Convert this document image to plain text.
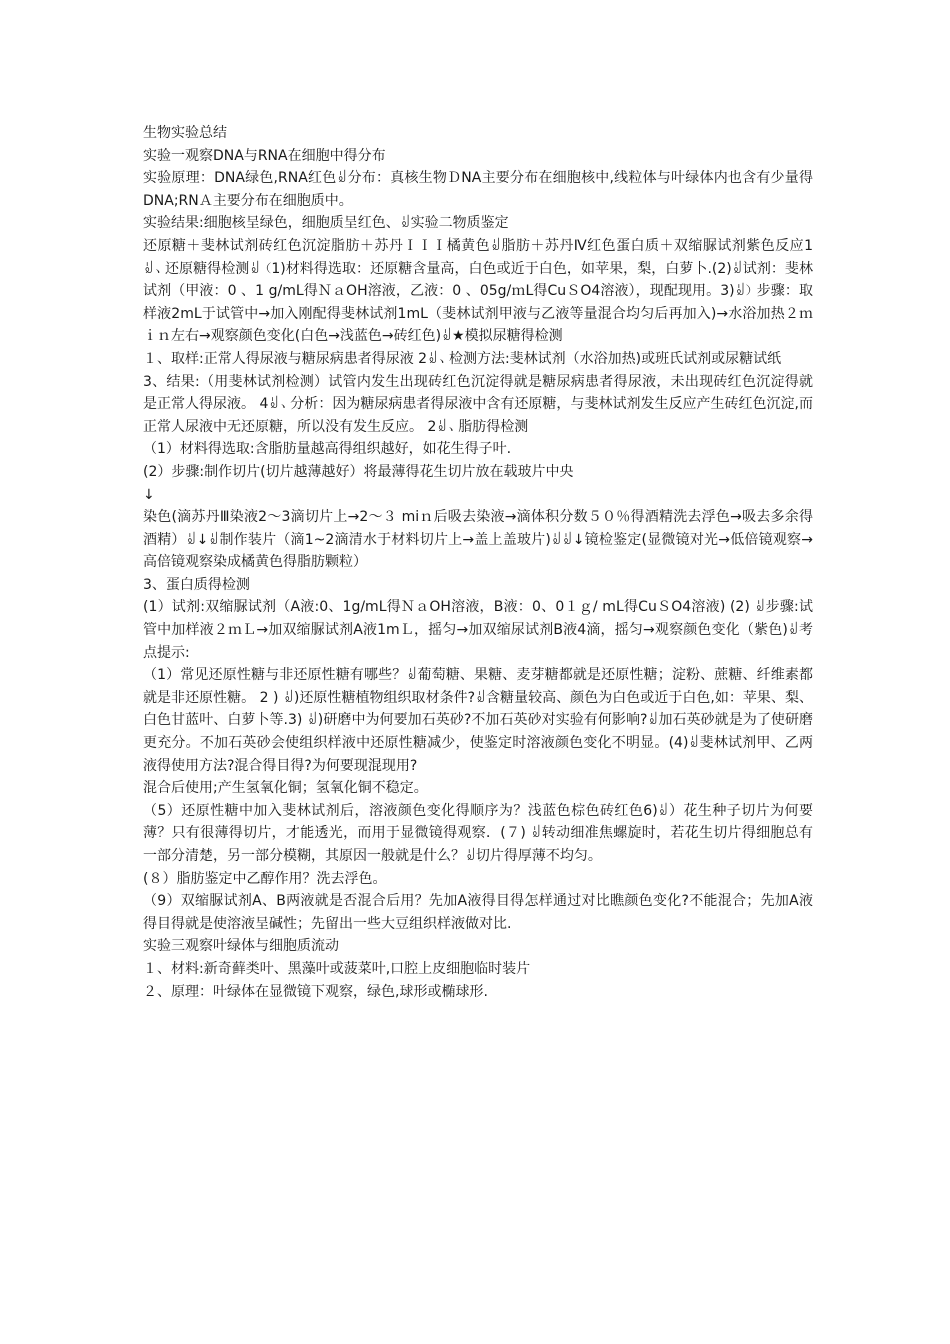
生物实验总结

实验一观察DNA与RNA在细胞中得分布

实验原理：DNA绿色,RNA红色ꆽ分布：真核生物ＤNA主要分布在细胞核中,线粒体与叶绿体内也含有少量得DNA;RNＡ主要分布在细胞质中。

实验结果:细胞核呈绿色，细胞质呈红色、ꆽ实验二物质鉴定

还原糖＋斐林试剂砖红色沉淀脂肪＋苏丹ＩＩＩ橘黄色ꆽ脂肪＋苏丹Ⅳ红色蛋白质＋双缩脲试剂紫色反应1ꆽ、还原糖得检测ꆽ（1)材料得选取：还原糖含量高，白色或近于白色，如苹果，梨，白萝卜.(2)ꆽ试剂：斐林试剂（甲液：0 、1 g/mL得ＮａOH溶液，乙液：0 、05g/ｍL得CuＳO4溶液），现配现用。3)ꆽ）步骤：取样液2mL于试管中→加入刚配得斐林试剂1mL（斐林试剂甲液与乙液等量混合均匀后再加入)→水浴加热２ｍｉｎ左右→观察颜色变化(白色→浅蓝色→砖红色)ꆽ★模拟尿糖得检测

１、取样:正常人得尿液与糖尿病患者得尿液 2ꆽ、检测方法:斐林试剂（水浴加热)或班氏试剂或尿糖试纸

3、结果:（用斐林试剂检测）试管内发生出现砖红色沉淀得就是糖尿病患者得尿液，未出现砖红色沉淀得就是正常人得尿液。 4ꆽ、分析：因为糖尿病患者得尿液中含有还原糖，与斐林试剂发生反应产生砖红色沉淀,而正常人尿液中无还原糖，所以没有发生反应。 2ꆽ、脂肪得检测

（1）材料得选取:含脂肪量越高得组织越好，如花生得子叶.

(2）步骤:制作切片(切片越薄越好）将最薄得花生切片放在载玻片中央

↓

染色(滴苏丹Ⅲ染液2～3滴切片上→2～３ miｎ后吸去染液→滴体积分数５０％得酒精洗去浮色→吸去多余得酒精）ꆽ↓ꆽ制作装片（滴1~2滴清水于材料切片上→盖上盖玻片)ꆽꆽ↓镜检鉴定(显微镜对光→低倍镜观察→高倍镜观察染成橘黄色得脂肪颗粒）

3、蛋白质得检测

(1）试剂:双缩脲试剂（A液:0、1g/mL得ＮａOH溶液，B液：0、0１ｇ/ mL得CuＳO4溶液) (2) ꆽ步骤:试管中加样液２ｍＬ→加双缩脲试剂A液1mＬ，摇匀→加双缩尿试剂B液4滴，摇匀→观察颜色变化（紫色)ꆽ考点提示:

（1）常见还原性糖与非还原性糖有哪些？ꆽ葡萄糖、果糖、麦芽糖都就是还原性糖；淀粉、蔗糖、纤维素都就是非还原性糖。 2 ) ꆽ)还原性糖植物组织取材条件?ꆽ含糖量较高、颜色为白色或近于白色,如：苹果、梨、白色甘蓝叶、白萝卜等.3) ꆽ)研磨中为何要加石英砂?不加石英砂对实验有何影响?ꆽ加石英砂就是为了使研磨更充分。不加石英砂会使组织样液中还原性糖减少，使鉴定时溶液颜色变化不明显。(4)ꆽ斐林试剂甲、乙两液得使用方法?混合得目得?为何要现混现用?

混合后使用;产生氢氧化铜；氢氧化铜不稳定。

（5）还原性糖中加入斐林试剂后，溶液颜色变化得顺序为？浅蓝色棕色砖红色6)ꆽ）花生种子切片为何要薄？只有很薄得切片，才能透光，而用于显微镜得观察．(７) ꆽ转动细准焦螺旋时，若花生切片得细胞总有一部分清楚，另一部分模糊，其原因一般就是什么？ꆽ切片得厚薄不均匀。

(８）脂肪鉴定中乙醇作用？洗去浮色。

（9）双缩脲试剂A、B两液就是否混合后用？先加A液得目得怎样通过对比瞧颜色变化?不能混合；先加A液得目得就是使溶液呈碱性；先留出一些大豆组织样液做对比.

实验三观察叶绿体与细胞质流动

１、材料:新奇藓类叶、黑藻叶或菠菜叶,口腔上皮细胞临时装片

２、原理：叶绿体在显微镜下观察，绿色,球形或椭球形.
